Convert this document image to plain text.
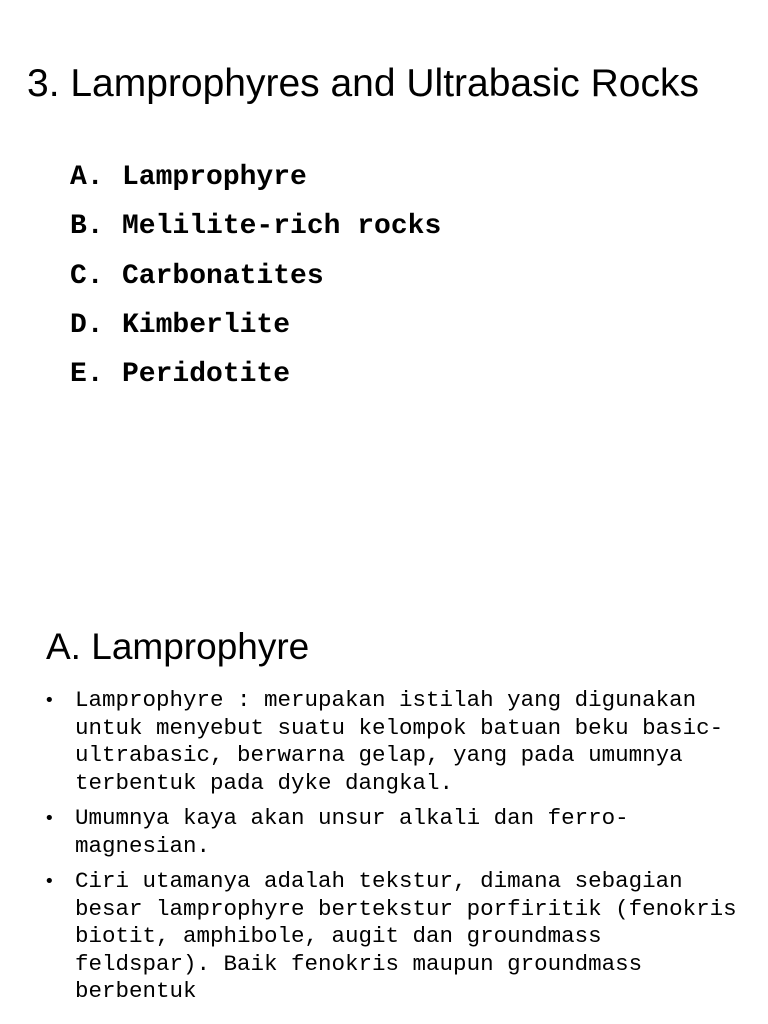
3. Lamprophyres and Ultrabasic Rocks
A. Lamprophyre
B. Melilite-rich rocks
C. Carbonatites
D. Kimberlite
E. Peridotite
A. Lamprophyre
• Lamprophyre : merupakan istilah yang digunakan untuk menyebut suatu kelompok batuan beku basic-ultrabasic, berwarna gelap, yang pada umumnya terbentuk pada dyke dangkal.
• Umumnya kaya akan unsur alkali dan ferro-magnesian.
• Ciri utamanya adalah tekstur, dimana sebagian besar lamprophyre bertekstur porfiritik (fenokris biotit, amphibole, augit dan groundmass feldspar). Baik fenokris maupun groundmass berbentuk
